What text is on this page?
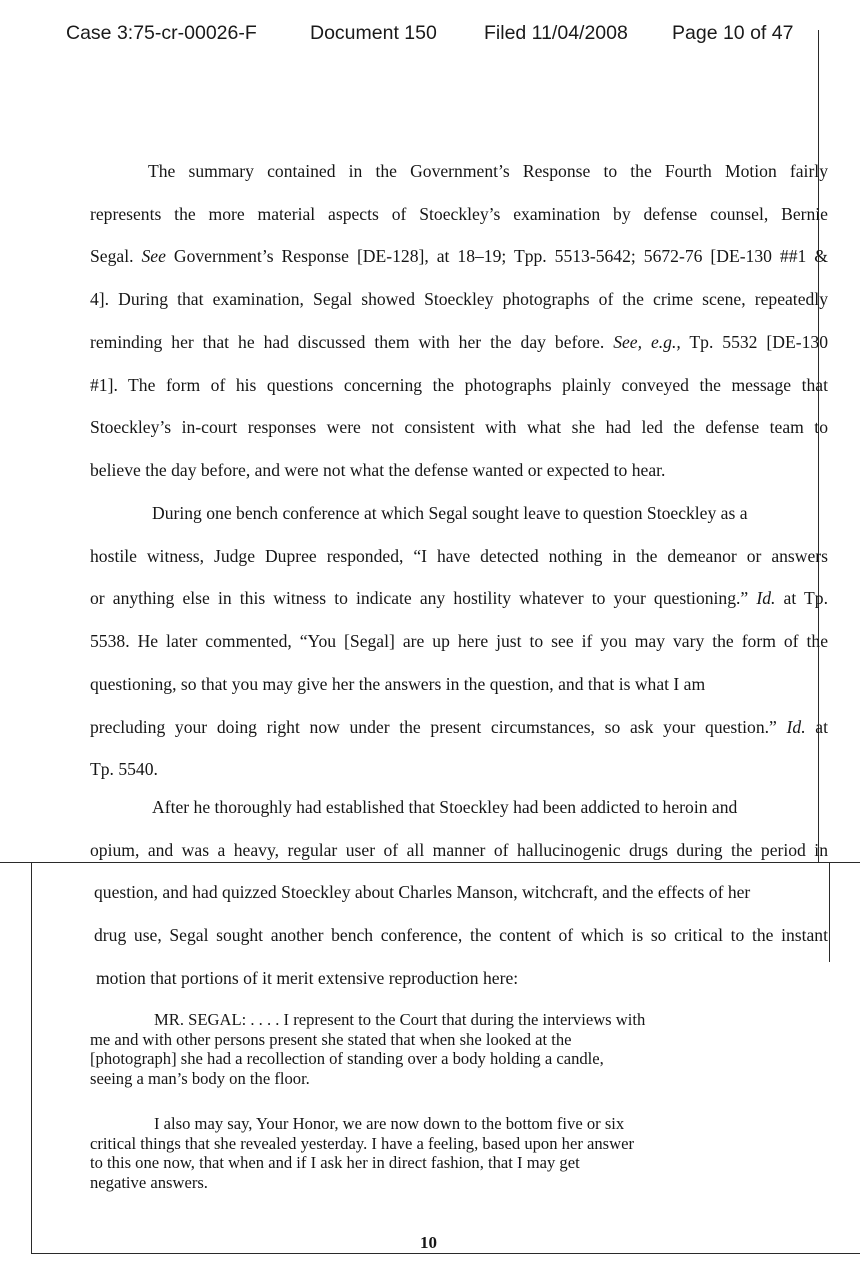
Case 3:75-cr-00026-F	Document 150 Filed 11/04/2008 Page 10 of 47
The summary contained in the Government’s Response to the Fourth Motion fairly
represents the more material aspects of Stoeckley’s examination by defense counsel, Bernie
Segal. See Government’s Response [DE-128], at 18–19; Tpp. 5513-5642; 5672-76 [DE-130 ##1 &
4]. During that examination, Segal showed Stoeckley photographs of the crime scene, repeatedly
reminding her that he had discussed them with her the day before. See, e.g., Tp. 5532 [DE-130
#1]. The form of his questions concerning the photographs plainly conveyed the message that
Stoeckley’s in-court responses were not consistent with what she had led the defense team to
believe the day before, and were not what the defense wanted or expected to hear.
During one bench conference at which Segal sought leave to question Stoeckley as a
hostile witness, Judge Dupree responded, “I have detected nothing in the demeanor or answers
or anything else in this witness to indicate any hostility whatever to your questioning.” Id. at Tp.
5538. He later commented, “You [Segal] are up here just to see if you may vary the form of the
questioning, so that you may give her the answers in the question, and that is what I am
precluding your doing right now under the present circumstances, so ask your question.” Id. at
Tp. 5540.
After he thoroughly had established that Stoeckley had been addicted to heroin and
opium, and was a heavy, regular user of all manner of hallucinogenic drugs during the period in
question, and had quizzed Stoeckley about Charles Manson, witchcraft, and the effects of her
drug use, Segal sought another bench conference, the content of which is so critical to the instant
motion that portions of it merit extensive reproduction here:
MR. SEGAL: . . . . I represent to the Court that during the interviews with
me and with other persons present she stated that when she looked at the
[photograph] she had a recollection of standing over a body holding a candle,
seeing a man’s body on the floor.
I also may say, Your Honor, we are now down to the bottom five or six
critical things that she revealed yesterday. I have a feeling, based upon her answer
to this one now, that when and if I ask her in direct fashion, that I may get
negative answers.
10
